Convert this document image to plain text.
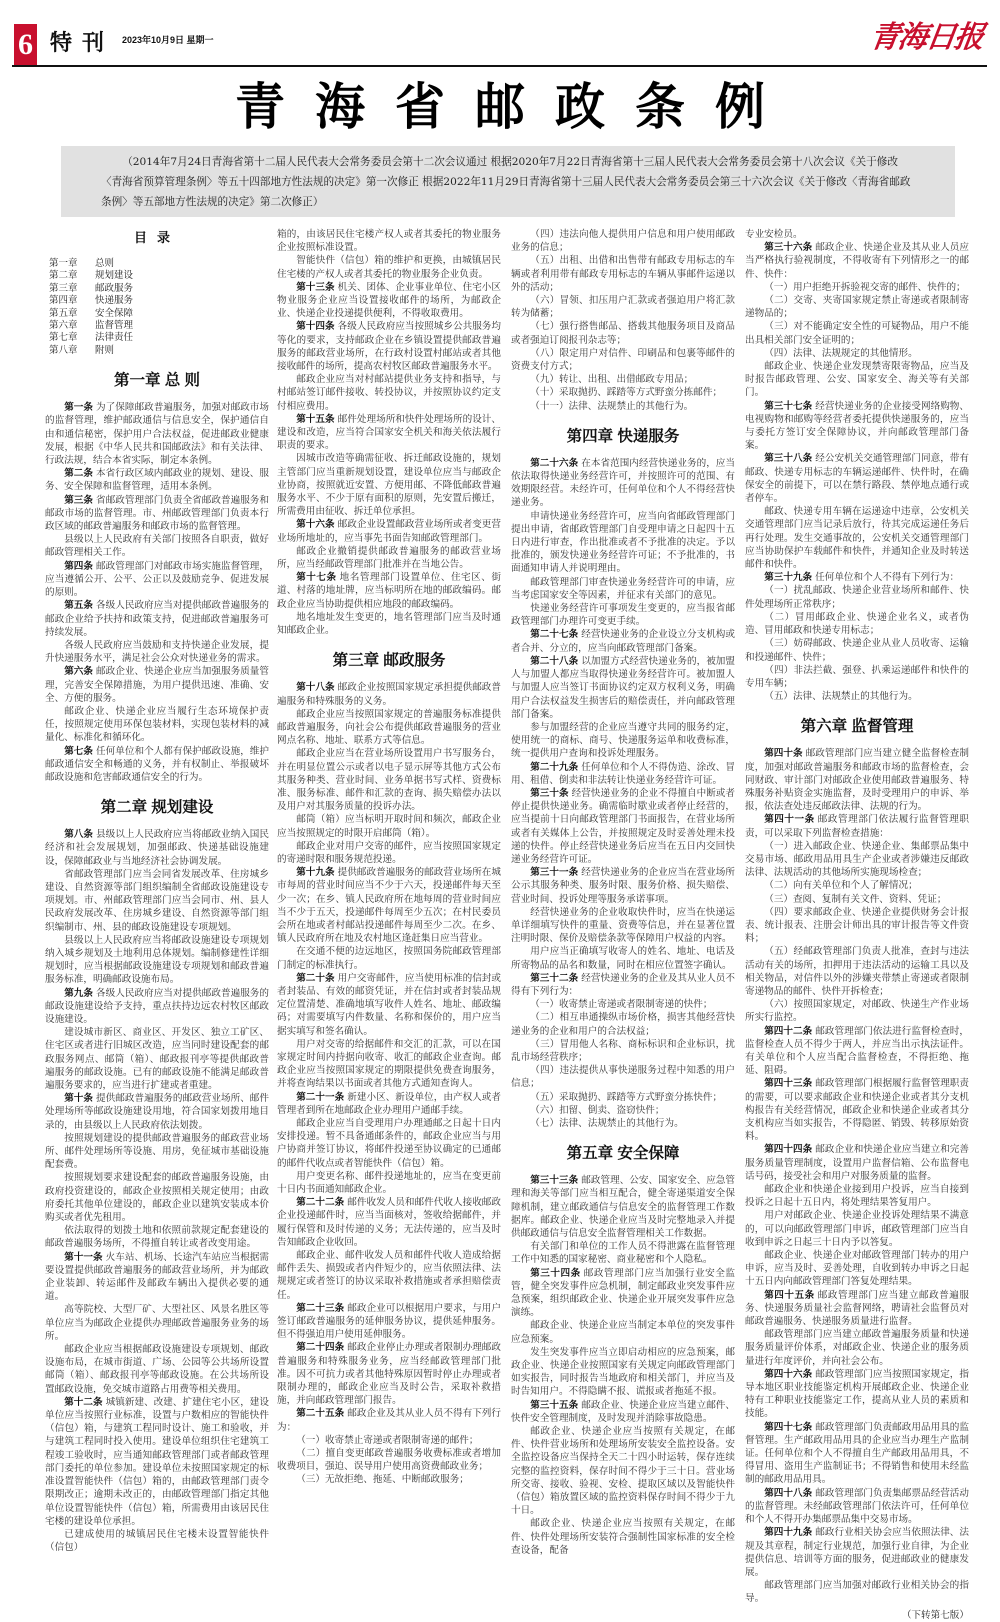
6 特刊 2023年10月9日 星期一	青海日报
青海省邮政条例
（2014年7月24日青海省第十二届人民代表大会常务委员会第十二次会议通过 根据2020年7月22日青海省第十三届人民代表大会常务委员会第十八次会议《关于修改〈青海省预算管理条例〉等五十四部地方性法规的决定》第一次修正 根据2022年11月29日青海省第十三届人民代表大会常务委员会第三十六次会议《关于修改〈青海省邮政条例〉等五部地方性法规的决定》第二次修正）
目录
第一章 总则
第二章 规划建设
第三章 邮政服务
第四章 快递服务
第五章 安全保障
第六章 监督管理
第七章 法律责任
第八章 附则
第一章 总 则

第一条 为了保障邮政普遍服务，加强对邮政市场的监督管理，维护邮政通信与信息安全，保护通信自由和通信秘密，保护用户合法权益，促进邮政业健康发展，根据《中华人民共和国邮政法》和有关法律、行政法规，结合本省实际，制定本条例。

第二条 本省行政区域内邮政业的规划、建设、服务、安全保障和监督管理，适用本条例。

第三条 省邮政管理部门负责全省邮政普遍服务和邮政市场的监督管理。市、州邮政管理部门负责本行政区域的邮政普遍服务和邮政市场的监督管理。

县级以上人民政府有关部门按照各自职责，做好邮政管理相关工作。

第四条 邮政管理部门对邮政市场实施监督管理，应当遵循公开、公平、公正以及鼓励竞争、促进发展的原则。

第五条 各级人民政府应当对提供邮政普遍服务的邮政企业给予扶持和政策支持，促进邮政普遍服务可持续发展。

各级人民政府应当鼓励和支持快递企业发展，提升快递服务水平，满足社会公众对快递业务的需求。

第六条 邮政企业、快递企业应当加强服务质量管理，完善安全保障措施，为用户提供迅速、准确、安全、方便的服务。

邮政企业、快递企业应当履行生态环境保护责任，按照规定使用环保包装材料，实现包装材料的减量化、标准化和循环化。

第七条 任何单位和个人都有保护邮政设施，维护邮政通信安全和畅通的义务，并有权制止、举报破坏邮政设施和危害邮政通信安全的行为。

第二章 规划建设

第八条 县级以上人民政府应当将邮政业纳入国民经济和社会发展规划，加强邮政、快递基础设施建设，保障邮政业与当地经济社会协调发展。

省邮政管理部门应当会同省发展改革、住房城乡建设、自然资源等部门组织编制全省邮政设施建设专项规划。市、州邮政管理部门应当会同市、州、县人民政府发展改革、住房城乡建设、自然资源等部门组织编制市、州、县的邮政设施建设专项规划。

县级以上人民政府应当将邮政设施建设专项规划纳入城乡规划及土地利用总体规划。编制修建性详细规划时，应当根据邮政设施建设专项规划和邮政普遍服务标准，明确邮政设施布局。

第九条 各级人民政府应当对提供邮政普遍服务的邮政设施建设给予支持，重点扶持边远农村牧区邮政设施建设。

建设城市新区、商业区、开发区、独立工矿区、住宅区或者进行旧城区改造，应当同时建设配套的邮政服务网点、邮筒（箱）、邮政报刊亭等提供邮政普遍服务的邮政设施。已有的邮政设施不能满足邮政普遍服务要求的，应当进行扩建或者重建。

第十条 提供邮政普遍服务的邮政营业场所、邮件处理场所等邮政设施建设用地，符合国家划拨用地目录的，由县级以上人民政府依法划拨。

按照规划建设的提供邮政普遍服务的邮政营业场所、邮件处理场所等设施、用房，免征城市基础设施配套费。

按照规划要求建设配套的邮政普遍服务设施，由政府投资建设的，邮政企业按照相关规定使用；由政府委托其他单位建设的，邮政企业以建筑安装成本价购买或者优先租用。

依法取得的划拨土地和依照前款规定配套建设的邮政普遍服务场所，不得擅自转让或者改变用途。

第十一条 火车站、机场、长途汽车站应当根据需要设置提供邮政普遍服务的邮政营业场所，并为邮政企业装卸、转运邮件及邮政车辆出入提供必要的通道。

高等院校、大型厂矿、大型社区、风景名胜区等单位应当为邮政企业提供办理邮政普遍服务业务的场所。

邮政企业应当根据邮政设施建设专项规划、邮政设施布局，在城市街道、广场、公园等公共场所设置邮筒（箱）、邮政报刊亭等邮政设施。在公共场所设置邮政设施，免交城市道路占用费等相关费用。

第十二条 城镇新建、改建、扩建住宅小区，建设单位应当按照行业标准，设置与户数相应的智能快件（信包）箱，与建筑工程同时设计、施工和验收，并与建筑工程同时投入使用。建设单位组织住宅建筑工程竣工验收时，应当通知邮政管理部门或者邮政管理部门委托的单位参加。建设单位未按照国家规定的标准设置智能快件（信包）箱的，由邮政管理部门责令限期改正；逾期未改正的，由邮政管理部门指定其他单位设置智能快件（信包）箱，所需费用由该居民住宅楼的建设单位承担。

已建成使用的城镇居民住宅楼未设置智能快件（信包）

箱的，由该居民住宅楼产权人或者其委托的物业服务企业按照标准设置。

智能快件（信包）箱的维护和更换，由城镇居民住宅楼的产权人或者其委托的物业服务企业负责。

第十三条 机关、团体、企业事业单位、住宅小区物业服务企业应当设置接收邮件的场所，为邮政企业、快递企业投递提供便利，不得收取费用。

第十四条 各级人民政府应当按照城乡公共服务均等化的要求，支持邮政企业在乡镇设置提供邮政普遍服务的邮政营业场所，在行政村设置村邮站或者其他接收邮件的场所，提高农村牧区邮政普遍服务水平。

邮政企业应当对村邮站提供业务支持和指导，与村邮站签订邮件接收、转投协议，并按照协议约定支付相应费用。

第十五条 邮件处理场所和快件处理场所的设计、建设和改造，应当符合国家安全机关和海关依法履行职责的要求。

因城市改造等确需征收、拆迁邮政设施的，规划主管部门应当重新规划设置，建设单位应当与邮政企业协商，按照就近安置、方便用邮、不降低邮政普遍服务水平、不少于原有面积的原则，先安置后搬迁，所需费用由征收、拆迁单位承担。

第十六条 邮政企业设置邮政营业场所或者变更营业场所地址的，应当事先书面告知邮政管理部门。

邮政企业撤销提供邮政普遍服务的邮政营业场所，应当经邮政管理部门批准并在当地公告。

第十七条 地名管理部门设置单位、住宅区、街道、村落的地址牌，应当标明所在地的邮政编码。邮政企业应当协助提供相应地段的邮政编码。

地名地址发生变更的，地名管理部门应当及时通知邮政企业。

第三章 邮政服务

第十八条 邮政企业按照国家规定承担提供邮政普遍服务和特殊服务的义务。

邮政企业应当按照国家规定的普遍服务标准提供邮政普遍服务，向社会公布提供邮政普遍服务的营业网点名称、地址、联系方式等信息。

邮政企业应当在营业场所设置用户书写服务台，并在明显位置公示或者以电子显示屏等其他方式公布其服务种类、营业时间、业务单据书写式样、资费标准、服务标准、邮件和汇款的查询、损失赔偿办法以及用户对其服务质量的投诉办法。

邮筒（箱）应当标明开取时间和频次，邮政企业应当按照规定的时限开启邮筒（箱）。

邮政企业对用户交寄的邮件，应当按照国家规定的寄递时限和服务规范投递。

第十九条 提供邮政普遍服务的邮政营业场所在城市每周的营业时间应当不少于六天，投递邮件每天至少一次；在乡、镇人民政府所在地每周的营业时间应当不少于五天，投递邮件每周至少五次；在村民委员会所在地或者村邮站投递邮件每周至少二次。在乡、镇人民政府所在地及农村地区逢赶集日应当营业。

在交通不便的边远地区，按照国务院邮政管理部门制定的标准执行。

第二十条 用户交寄邮件，应当使用标准的信封或者封装品、有效的邮资凭证，并在信封或者封装品规定位置清楚、准确地填写收件人姓名、地址、邮政编码；对需要填写内件数量、名称和保价的，用户应当据实填写和签名确认。

用户对交寄的给据邮件和交汇的汇款，可以在国家规定时间内持据向收寄、收汇的邮政企业查询。邮政企业应当按照国家规定的期限提供免费查询服务，并将查询结果以书面或者其他方式通知查询人。

第二十一条 新建小区、新设单位，由产权人或者管理者到所在地邮政企业办理用户通邮手续。

邮政企业应当自受理用户办理通邮之日起十日内安排投递。暂不具备通邮条件的，邮政企业应当与用户协商并签订协议，将邮件投递至协议确定的已通邮的邮件代收点或者智能快件（信包）箱。

用户变更名称、邮件投递地址的，应当在变更前十日内书面通知邮政企业。

第二十二条 邮件收发人员和邮件代收人接收邮政企业投递邮件时，应当当面核对，签收给据邮件，并履行保管和及时传递的义务；无法传递的，应当及时告知邮政企业收回。

邮政企业、邮件收发人员和邮件代收人造成给据邮件丢失、损毁或者内件短少的，应当依照法律、法规规定或者签订的协议采取补救措施或者承担赔偿责任。

第二十三条 邮政企业可以根据用户要求，与用户签订邮政普遍服务的延伸服务协议，提供延伸服务。但不得强迫用户使用延伸服务。

第二十四条 邮政企业停止办理或者限制办理邮政普遍服务和特殊服务业务，应当经邮政管理部门批准。因不可抗力或者其他特殊原因暂时停止办理或者限制办理的，邮政企业应当及时公告，采取补救措施，并向邮政管理部门报告。

第二十五条 邮政企业及其从业人员不得有下列行为：

（一）收寄禁止寄递或者限制寄递的邮件；

（二）擅自变更邮政普遍服务收费标准或者增加收费项目，强迫、误导用户使用高资费邮政业务；

（三）无故拒绝、拖延、中断邮政服务；

（四）违法向他人提供用户信息和用户使用邮政业务的信息；

（五）出租、出借和出售带有邮政专用标志的车辆或者利用带有邮政专用标志的车辆从事邮件运递以外的活动；

（六）冒领、扣压用户汇款或者强迫用户将汇款转为储蓄；

（七）强行搭售邮品、搭载其他服务项目及商品或者强迫订阅报刊杂志等；

（八）限定用户对信件、印刷品和包裹等邮件的资费支付方式；

（九）转让、出租、出借邮政专用品；

（十）采取抛扔、踩踏等方式野蛮分拣邮件；

（十一）法律、法规禁止的其他行为。

第四章 快递服务

第二十六条 在本省范围内经营快递业务的，应当依法取得快递业务经营许可，并按照许可的范围、有效期限经营。未经许可，任何单位和个人不得经营快递业务。

申请快递业务经营许可，应当向省邮政管理部门提出申请，省邮政管理部门自受理申请之日起四十五日内进行审查，作出批准或者不予批准的决定。予以批准的，颁发快递业务经营许可证；不予批准的，书面通知申请人并说明理由。

邮政管理部门审查快递业务经营许可的申请，应当考虑国家安全等因素，并征求有关部门的意见。

快递业务经营许可事项发生变更的，应当报省邮政管理部门办理许可变更手续。

第二十七条 经营快递业务的企业设立分支机构或者合并、分立的，应当向邮政管理部门备案。

第二十八条 以加盟方式经营快递业务的，被加盟人与加盟人都应当取得快递业务经营许可。被加盟人与加盟人应当签订书面协议约定双方权利义务，明确用户合法权益发生损害后的赔偿责任，并向邮政管理部门备案。

参与加盟经营的企业应当遵守共同的服务约定，使用统一的商标、商号、快递服务运单和收费标准，统一提供用户查询和投诉处理服务。

第二十九条 任何单位和个人不得伪造、涂改、冒用、租借、倒卖和非法转让快递业务经营许可证。

第三十条 经营快递业务的企业不得擅自中断或者停止提供快递业务。确需临时歇业或者停止经营的，应当提前十日向邮政管理部门书面报告，在营业场所或者有关媒体上公告，并按照规定及时妥善处理未投递的快件。停止经营快递业务后应当在五日内交回快递业务经营许可证。

第三十一条 经营快递业务的企业应当在营业场所公示其服务种类、服务时限、服务价格、损失赔偿、营业时间、投诉处理等服务承诺事项。

经营快递业务的企业收取快件时，应当在快递运单详细填写快件的重量、资费等信息，并在显著位置注明时限、保价及赔偿条款等保障用户权益的内容。

用户应当正确填写收寄人的姓名、地址、电话及所寄物品的品名和数量，同时在相应位置签字确认。

第三十二条 经营快递业务的企业及其从业人员不得有下列行为：

（一）收寄禁止寄递或者限制寄递的快件；

（二）相互串通操纵市场价格，损害其他经营快递业务的企业和用户的合法权益；

（三）冒用他人名称、商标标识和企业标识，扰乱市场经营秩序；

（四）违法提供从事快递服务过程中知悉的用户信息；

（五）采取抛扔、踩踏等方式野蛮分拣快件；

（六）扣留、倒卖、盗窃快件；

（七）法律、法规禁止的其他行为。

第五章 安全保障

第三十三条 邮政管理、公安、国家安全、应急管理和海关等部门应当相互配合，健全寄递渠道安全保障机制，建立邮政通信与信息安全的监督管理工作数据库。邮政企业、快递企业应当及时完整地录入并提供邮政通信与信息安全监督管理相关工作数据。

有关部门和单位的工作人员不得泄露在监督管理工作中知悉的国家秘密、商业秘密和个人隐私。

第三十四条 邮政管理部门应当加强行业安全监管，健全突发事件应急机制，制定邮政业突发事件应急预案，组织邮政企业、快递企业开展突发事件应急演练。

邮政企业、快递企业应当制定本单位的突发事件应急预案。

发生突发事件应当立即启动相应的应急预案，邮政企业、快递企业按照国家有关规定向邮政管理部门如实报告，同时报告当地政府和相关部门，并应当及时告知用户。不得隐瞒不报、谎报或者拖延不报。

第三十五条 邮政企业、快递企业应当建立邮件、快件安全管理制度，及时发现并消除事故隐患。

邮政企业、快递企业应当按照有关规定，在邮件、快件营业场所和处理场所安装安全监控设备。安全监控设备应当保持全天二十四小时运转，保存连续完整的监控资料，保存时间不得少于三十日。营业场所交寄、接收、验视、安检、提取区域以及智能快件（信包）箱放置区域的监控资料保存时间不得少于九十日。

邮政企业、快递企业应当按照有关规定，在邮件、快件处理场所安装符合强制性国家标准的安全检查设备，配备

专业安检员。

第三十六条 邮政企业、快递企业及其从业人员应当严格执行验视制度，不得收寄有下列情形之一的邮件、快件：

（一）用户拒绝开拆验视交寄的邮件、快件的；

（二）交寄、夹寄国家规定禁止寄递或者限制寄递物品的；

（三）对不能确定安全性的可疑物品，用户不能出具相关部门安全证明的；

（四）法律、法规规定的其他情形。

邮政企业、快递企业发现禁寄限寄物品，应当及时报告邮政管理、公安、国家安全、海关等有关部门。

第三十七条 经营快递业务的企业接受网络购物、电视购物和邮购等经营者委托提供快递服务的，应当与委托方签订安全保障协议，并向邮政管理部门备案。

第三十八条 经公安机关交通管理部门同意，带有邮政、快递专用标志的车辆运递邮件、快件时，在确保安全的前提下，可以在禁行路段、禁停地点通行或者停车。

邮政、快递专用车辆在运递途中违章，公安机关交通管理部门应当记录后放行，待其完成运递任务后再行处理。发生交通事故的，公安机关交通管理部门应当协助保护车载邮件和快件，并通知企业及时转送邮件和快件。

第三十九条 任何单位和个人不得有下列行为：

（一）扰乱邮政、快递企业营业场所和邮件、快件处理场所正常秩序；

（二）冒用邮政企业、快递企业名义，或者伪造、冒用邮政和快递专用标志；

（三）妨碍邮政、快递企业从业人员收寄、运输和投递邮件、快件；

（四）非法拦截、强登、扒乘运递邮件和快件的专用车辆；

（五）法律、法规禁止的其他行为。

第六章 监督管理

第四十条 邮政管理部门应当建立健全监督检查制度，加强对邮政普遍服务和邮政市场的监督检查，会同财政、审计部门对邮政企业使用邮政普遍服务、特殊服务补贴资金实施监督，及时受理用户的申诉、举报，依法查处违反邮政法律、法规的行为。

第四十一条 邮政管理部门依法履行监督管理职责，可以采取下列监督检查措施：

（一）进入邮政企业、快递企业、集邮票品集中交易市场、邮政用品用具生产企业或者涉嫌违反邮政法律、法规活动的其他场所实施现场检查；

（二）向有关单位和个人了解情况；

（三）查阅、复制有关文件、资料、凭证；

（四）要求邮政企业、快递企业提供财务会计报表、统计报表、注册会计师出具的审计报告等文件资料；

（五）经邮政管理部门负责人批准，查封与违法活动有关的场所，扣押用于违法活动的运输工具以及相关物品，对信件以外的涉嫌夹带禁止寄递或者限制寄递物品的邮件、快件开拆检查；

（六）按照国家规定，对邮政、快递生产作业场所实行监控。

第四十二条 邮政管理部门依法进行监督检查时，监督检查人员不得少于两人，并应当出示执法证件。有关单位和个人应当配合监督检查，不得拒绝、拖延、阻碍。

第四十三条 邮政管理部门根据履行监督管理职责的需要，可以要求邮政企业和快递企业或者其分支机构报告有关经营情况，邮政企业和快递企业或者其分支机构应当如实报告，不得隐匿、销毁、转移原始资料。

第四十四条 邮政企业和快递企业应当建立和完善服务质量管理制度，设置用户监督信箱、公布监督电话号码，接受社会和用户对服务质量的监督。

邮政企业和快递企业接到用户投诉，应当自接到投诉之日起十五日内，将处理结果答复用户。

用户对邮政企业、快递企业投诉处理结果不满意的，可以向邮政管理部门申诉，邮政管理部门应当自收到申诉之日起三十日内予以答复。

邮政企业、快递企业对邮政管理部门转办的用户申诉，应当及时、妥善处理，自收到转办申诉之日起十五日内向邮政管理部门答复处理结果。

第四十五条 邮政管理部门应当建立邮政普遍服务、快递服务质量社会监督网络，聘请社会监督员对邮政普遍服务、快递服务质量进行监督。

邮政管理部门应当建立邮政普遍服务质量和快递服务质量评价体系，对邮政企业、快递企业的服务质量进行年度评价，并向社会公布。

第四十六条 邮政管理部门应当按照国家规定，指导本地区职业技能鉴定机构开展邮政企业、快递企业特有工种职业技能鉴定工作，提高从业人员的素质和技能。

第四十七条 邮政管理部门负责邮政用品用具的监督管理。生产邮政用品用具的企业应当办理生产监制证。任何单位和个人不得擅自生产邮政用品用具，不得冒用、盗用生产监制证书；不得销售和使用未经监制的邮政用品用具。

第四十八条 邮政管理部门负责集邮票品经营活动的监督管理。未经邮政管理部门依法许可，任何单位和个人不得开办集邮票品集中交易市场。

第四十九条 邮政行业相关协会应当依照法律、法规及其章程，制定行业规范，加强行业自律，为企业提供信息、培训等方面的服务，促进邮政业的健康发展。

邮政管理部门应当加强对邮政行业相关协会的指导。

（下转第七版）
